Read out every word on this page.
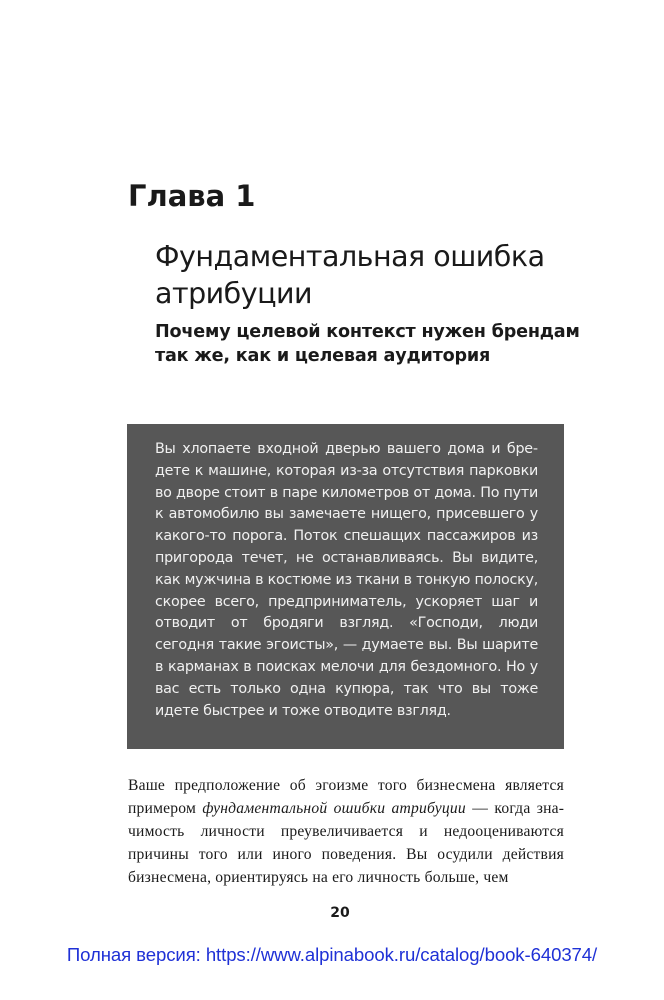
Глава 1
Фундаментальная ошибка атрибуции
Почему целевой контекст нужен брендам так же, как и целевая аудитория

Вы хлопаете входной дверью вашего дома и бредете к машине, которая из-за отсутствия парковки во дворе стоит в паре километров от дома. По пути к автомобилю вы замечаете нищего, присевшего у какого-то порога. Поток спешащих пассажиров из пригорода течет, не останавливаясь. Вы видите, как мужчина в костюме из ткани в тонкую полоску, скорее всего, предприниматель, ускоряет шаг и отводит от бродяги взгляд. «Господи, люди сегодня такие эгоисты», — думаете вы. Вы шарите в карманах в поисках мелочи для бездомного. Но у вас есть только одна купюра, так что вы тоже идете быстрее и тоже отводите взгляд.

Ваше предположение об эгоизме того бизнесмена является примером фундаментальной ошибки атрибуции — когда значимость личности преувеличивается и недооцениваются причины того или иного поведения. Вы осудили действия бизнесмена, ориентируясь на его личность больше, чем

20
Полная версия: https://www.alpinabook.ru/catalog/book-640374/
